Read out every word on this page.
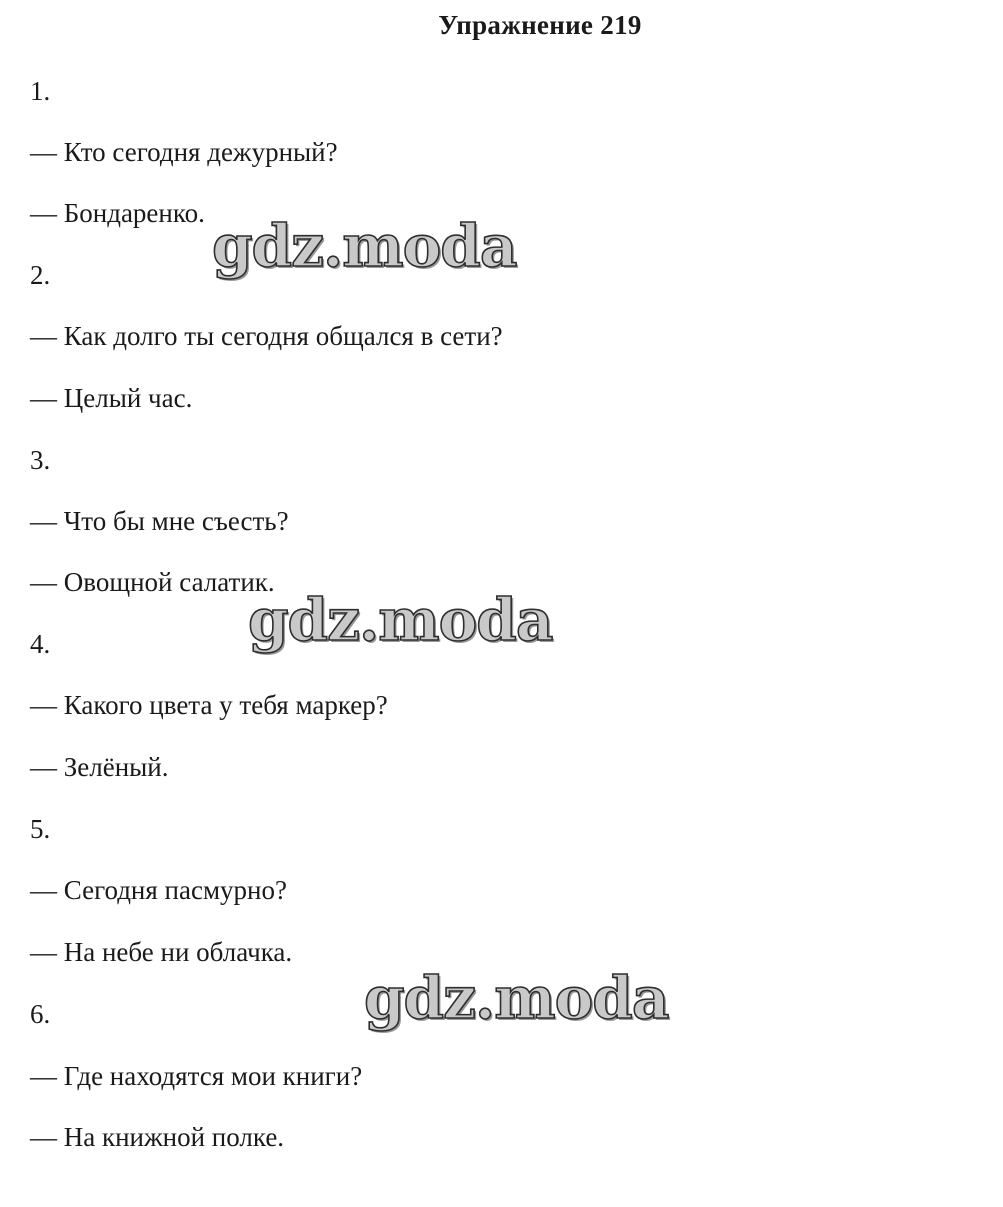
Упражнение 219
1.
— Кто сегодня дежурный?
— Бондаренко.
2.
— Как долго ты сегодня общался в сети?
— Целый час.
3.
— Что бы мне съесть?
— Овощной салатик.
4.
— Какого цвета у тебя маркер?
— Зелёный.
5.
— Сегодня пасмурно?
— На небе ни облачка.
6.
— Где находятся мои книги?
— На книжной полке.
gdz.moda
gdz.moda
gdz.moda
